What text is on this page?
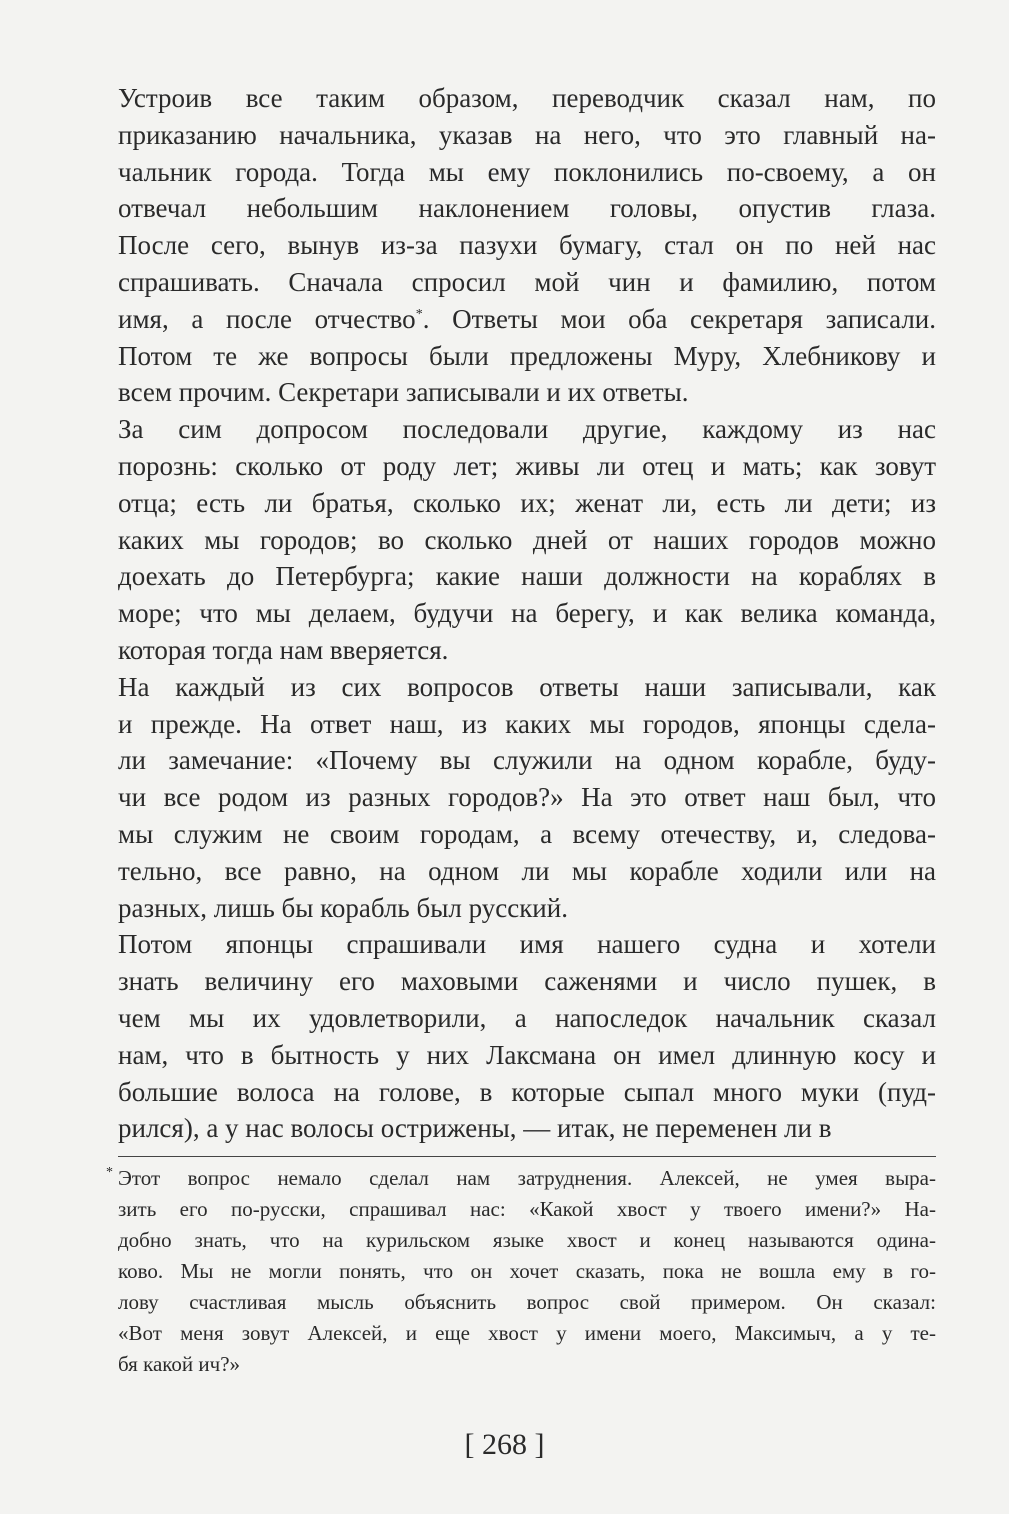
Устроив все таким образом, переводчик сказал нам, по
приказанию начальника, указав на него, что это главный на-
чальник города. Тогда мы ему поклонились по-своему, а он
отвечал небольшим наклонением головы, опустив глаза.
После сего, вынув из-за пазухи бумагу, стал он по ней нас
спрашивать. Сначала спросил мой чин и фамилию, потом
имя, а после отчество*. Ответы мои оба секретаря записали.
Потом те же вопросы были предложены Муру, Хлебникову и
всем прочим. Секретари записывали и их ответы.
За сим допросом последовали другие, каждому из нас
порознь: сколько от роду лет; живы ли отец и мать; как зовут
отца; есть ли братья, сколько их; женат ли, есть ли дети; из
каких мы городов; во сколько дней от наших городов можно
доехать до Петербурга; какие наши должности на кораблях в
море; что мы делаем, будучи на берегу, и как велика команда,
которая тогда нам вверяется.
На каждый из сих вопросов ответы наши записывали, как
и прежде. На ответ наш, из каких мы городов, японцы сдела-
ли замечание: «Почему вы служили на одном корабле, буду-
чи все родом из разных городов?» На это ответ наш был, что
мы служим не своим городам, а всему отечеству, и, следова-
тельно, все равно, на одном ли мы корабле ходили или на
разных, лишь бы корабль был русский.
Потом японцы спрашивали имя нашего судна и хотели
знать величину его маховыми саженями и число пушек, в
чем мы их удовлетворили, а напоследок начальник сказал
нам, что в бытность у них Лаксмана он имел длинную косу и
большие волоса на голове, в которые сыпал много муки (пуд-
рился), а у нас волосы острижены, — итак, не переменен ли в
* Этот вопрос немало сделал нам затруднения. Алексей, не умея выра-
зить его по-русски, спрашивал нас: «Какой хвост у твоего имени?» На-
добно знать, что на курильском языке хвост и конец называются одина-
ково. Мы не могли понять, что он хочет сказать, пока не вошла ему в го-
лову счастливая мысль объяснить вопрос свой примером. Он сказал:
«Вот меня зовут Алексей, и еще хвост у имени моего, Максимыч, а у те-
бя какой ич?»
[ 268 ]
